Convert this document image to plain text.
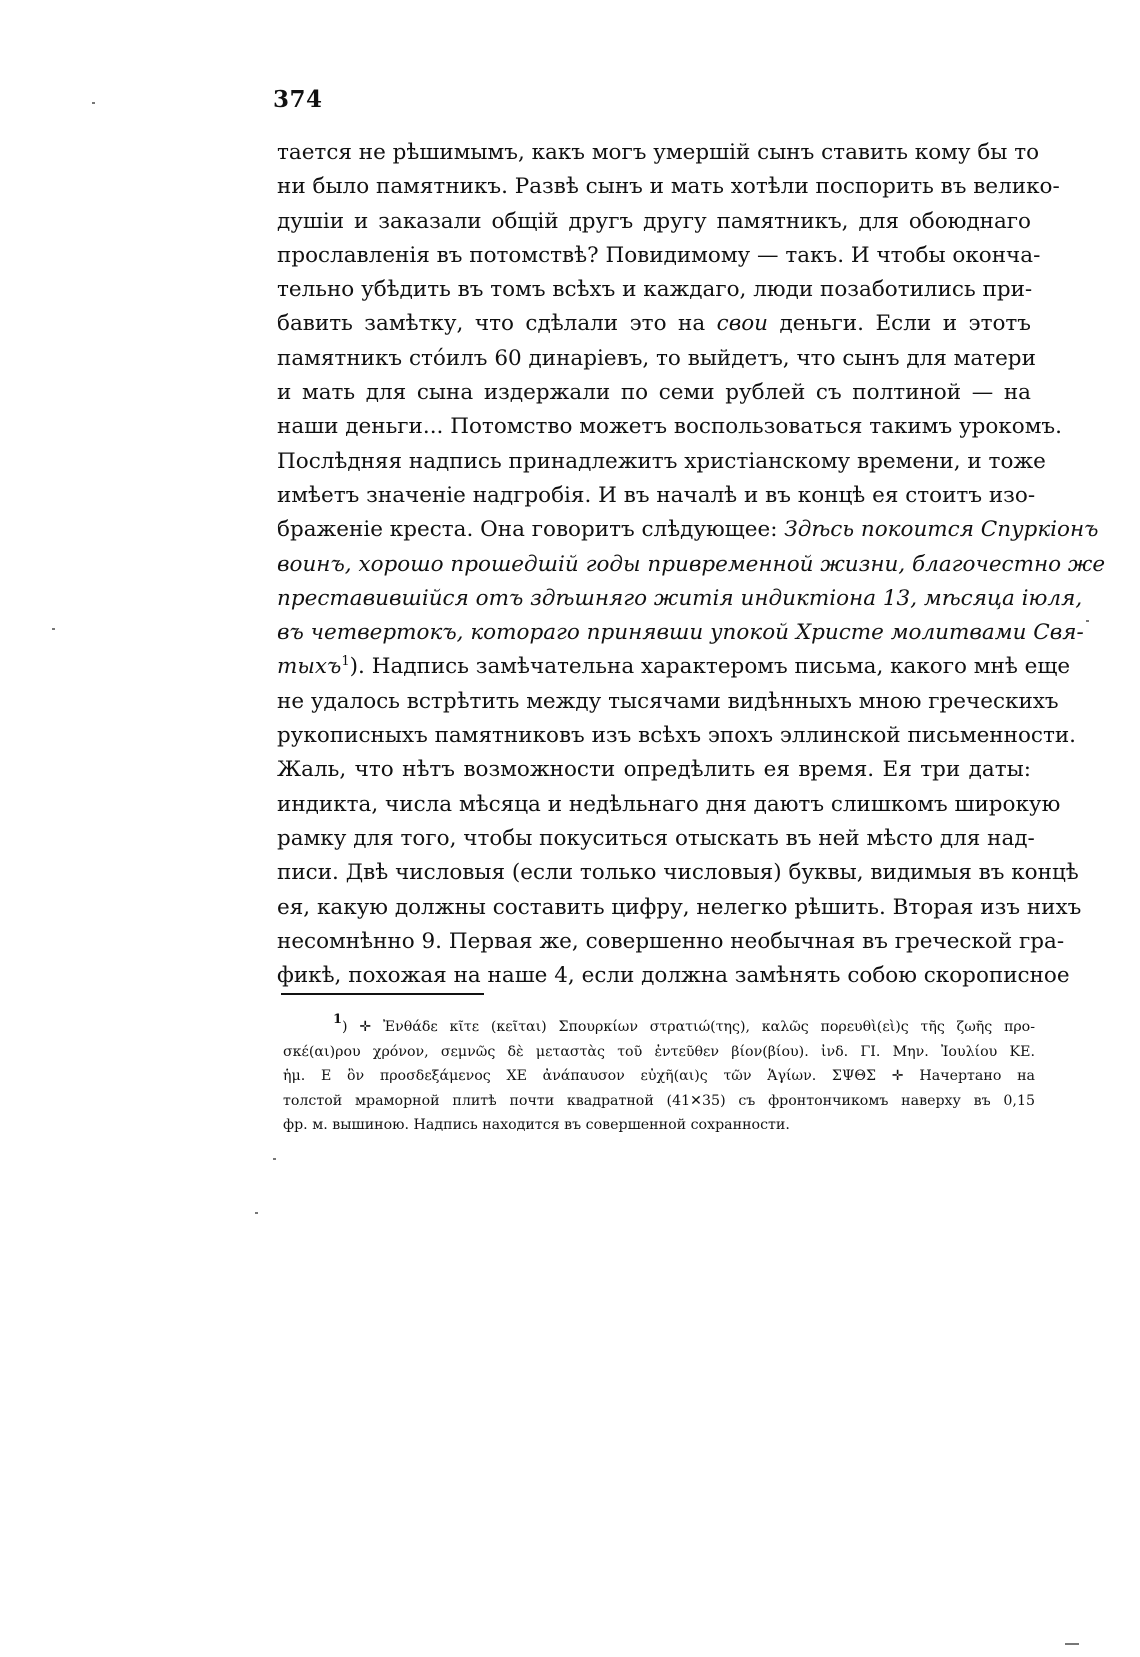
374
тается не рѣшимымъ, какъ могъ умершій сынъ ставить кому бы то
ни было памятникъ. Развѣ сынъ и мать хотѣли поспорить въ велико-
душіи и заказали общій другъ другу памятникъ, для обоюднаго
прославленія въ потомствѣ? Повидимому — такъ. И чтобы оконча-
тельно убѣдить въ томъ всѣхъ и каждаго, люди позаботились при-
бавить замѣтку, что сдѣлали это на свои деньги. Если и этотъ
памятникъ стóилъ 60 динаріевъ, то выйдетъ, что сынъ для матери
и мать для сына издержали по семи рублей съ полтиной — на
наши деньги... Потомство можетъ воспользоваться такимъ урокомъ.
Послѣдняя надпись принадлежитъ христіанскому времени, и тоже
имѣетъ значеніе надгробія. И въ началѣ и въ концѣ ея стоитъ изо-
браженіе креста. Она говоритъ слѣдующее: Здѣсь покоится Спуркіонъ
воинъ, хорошо прошедшій годы привременной жизни, благочестно же
преставившійся отъ здѣшняго житія индиктіона 13, мѣсяца іюля,
въ четвертокъ, котораго принявши упокой Христе молитвами Свя-
тыхъ$^1$). Надпись замѣчательна характеромъ письма, какого мнѣ еще
не удалось встрѣтить между тысячами видѣнныхъ мною греческихъ
рукописныхъ памятниковъ изъ всѣхъ эпохъ эллинской письменности.
Жаль, что нѣтъ возможности опредѣлить ея время. Ея три даты:
индикта, числа мѣсяца и недѣльнаго дня даютъ слишкомъ широкую
рамку для того, чтобы покуситься отыскать въ ней мѣсто для над-
писи. Двѣ числовыя (если только числовыя) буквы, видимыя въ концѣ
ея, какую должны составить цифру, нелегко рѣшить. Вторая изъ нихъ
несомнѣнно 9. Первая же, совершенно необычная въ греческой гра-
фикѣ, похожая на наше 4, если должна замѣнять собою скорописное
$^1$) ✛ Ἐνθάδε κῖτε (κεῖται) Σπουρκίων στρατιώ(της), καλῶς πορευθὶ(εὶ)ς τῆς ζωῆς προ-
σκέ(αι)ρου χρόνον, σεμνῶς δὲ μεταστὰς τοῦ ἐντεῦθεν βίον(βίου). ἰνδ. ΓΙ. Μην. Ἰουλίου ΚΕ.
ἡμ. Ε ὃν προσδεξάμενος ΧΕ ἀνάπαυσον εὐχῆ(αι)ς τῶν Ἁγίων. ΣΨΘΣ ✛ Начертано на
толстой мраморной плитѣ почти квадратной (41✕35) съ фронтончикомъ наверху въ 0,15
фр. м. вышиною. Надпись находится въ совершенной сохранности.
